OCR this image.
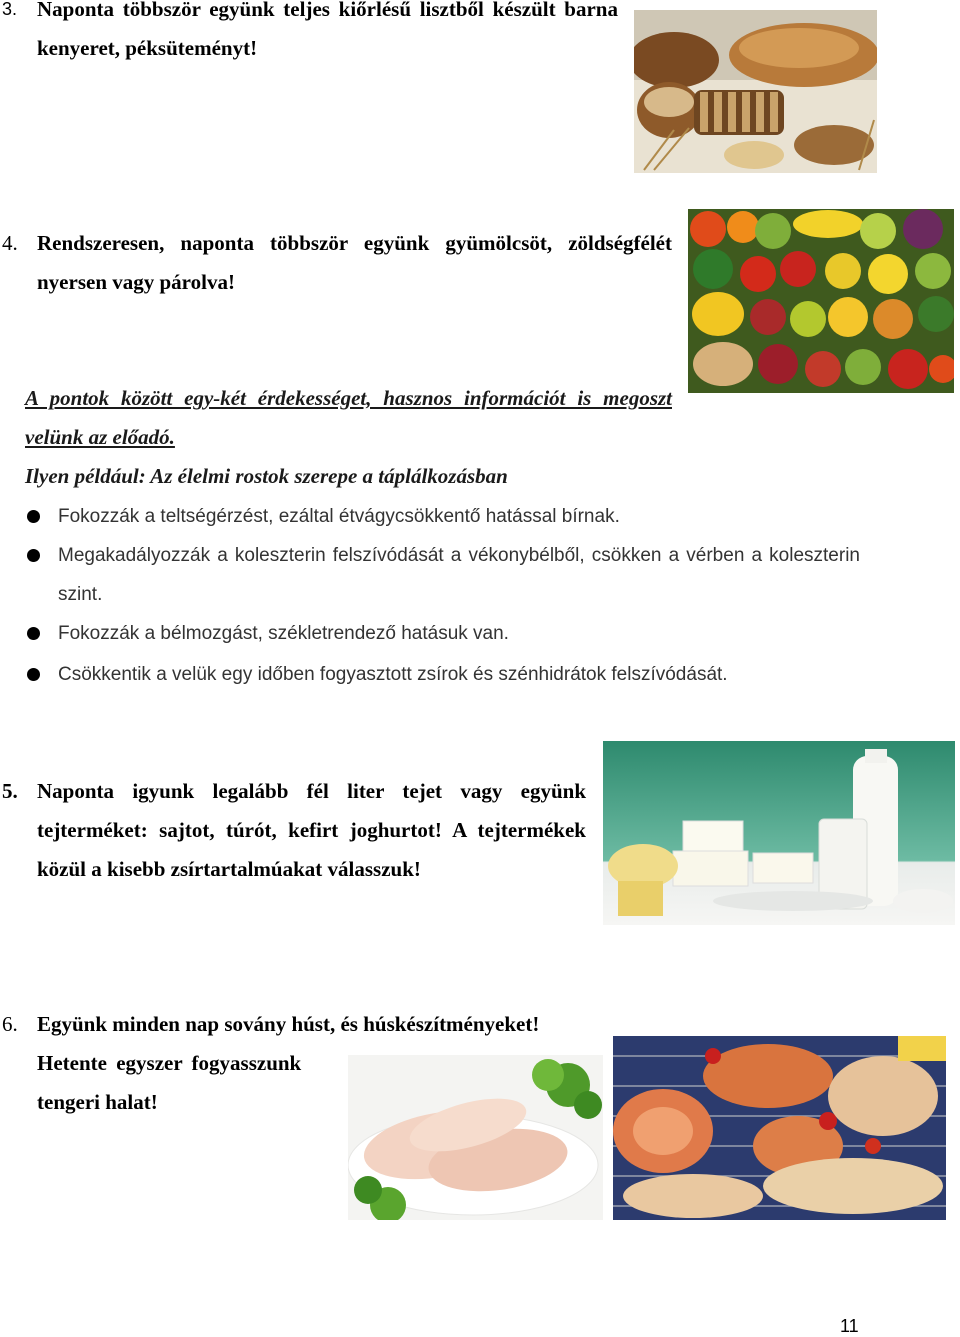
3. Naponta többször együnk teljes kiőrlésű lisztből készült barna kenyeret, péksüteményt!
4. Rendszeresen, naponta többször együnk gyümölcsöt, zöldségfélét nyersen vagy párolva!
A pontok között egy-két érdekességet, hasznos információt is megoszt velünk az előadó.
Ilyen például: Az élelmi rostok szerepe a táplálkozásban
Fokozzák a teltségérzést, ezáltal étvágycsökkentő hatással bírnak.
Megakadályozzák a koleszterin felszívódását a vékonybélből, csökken a vérben a koleszterin szint.
Fokozzák a bélmozgást, székletrendező hatásuk van.
Csökkentik a velük egy időben fogyasztott zsírok és szénhidrátok felszívódását.
5. Naponta igyunk legalább fél liter tejet vagy együnk tejterméket: sajtot, túrót, kefirt joghurtot! A tejtermékek közül a kisebb zsírtartalmúakat válasszuk!
6. Együnk minden nap sovány húst, és húskészítményeket!
Hetente egyszer fogyasszunk
tengeri halat!
11
